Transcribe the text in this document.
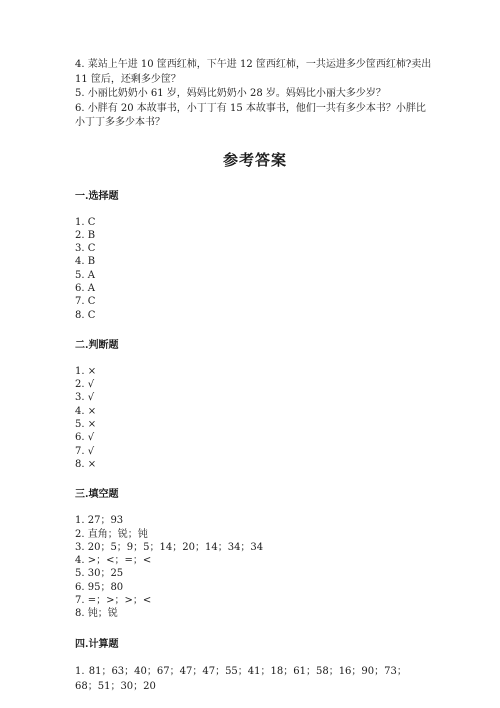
4. 菜站上午进 10 筐西红柿，下午进 12 筐西红柿，一共运进多少筐西红柿?卖出 11 筐后，还剩多少筐？

5. 小丽比奶奶小 61 岁，妈妈比奶奶小 28 岁。妈妈比小丽大多少岁？

6. 小胖有 20 本故事书，小丁丁有 15 本故事书，他们一共有多少本书？小胖比小丁丁多多少本书？

参考答案
一.选择题

1. C

2. B

3. C

4. B

5. A

6. A

7. C

8. C

二.判断题

1. ×

2. √

3. √

4. ×

5. ×

6. √

7. √

8. ×

三.填空题

1. 27；93

2. 直角；锐；钝

3. 20；5；9；5；14；20；14；34；34

4. >；<；=；<

5. 30；25

6. 95；80

7. =；>；>；<

8. 钝；锐

四.计算题

1. 81；63；40；67；47；47；55；41；18；61；58；16；90；73；68；51；30；20
